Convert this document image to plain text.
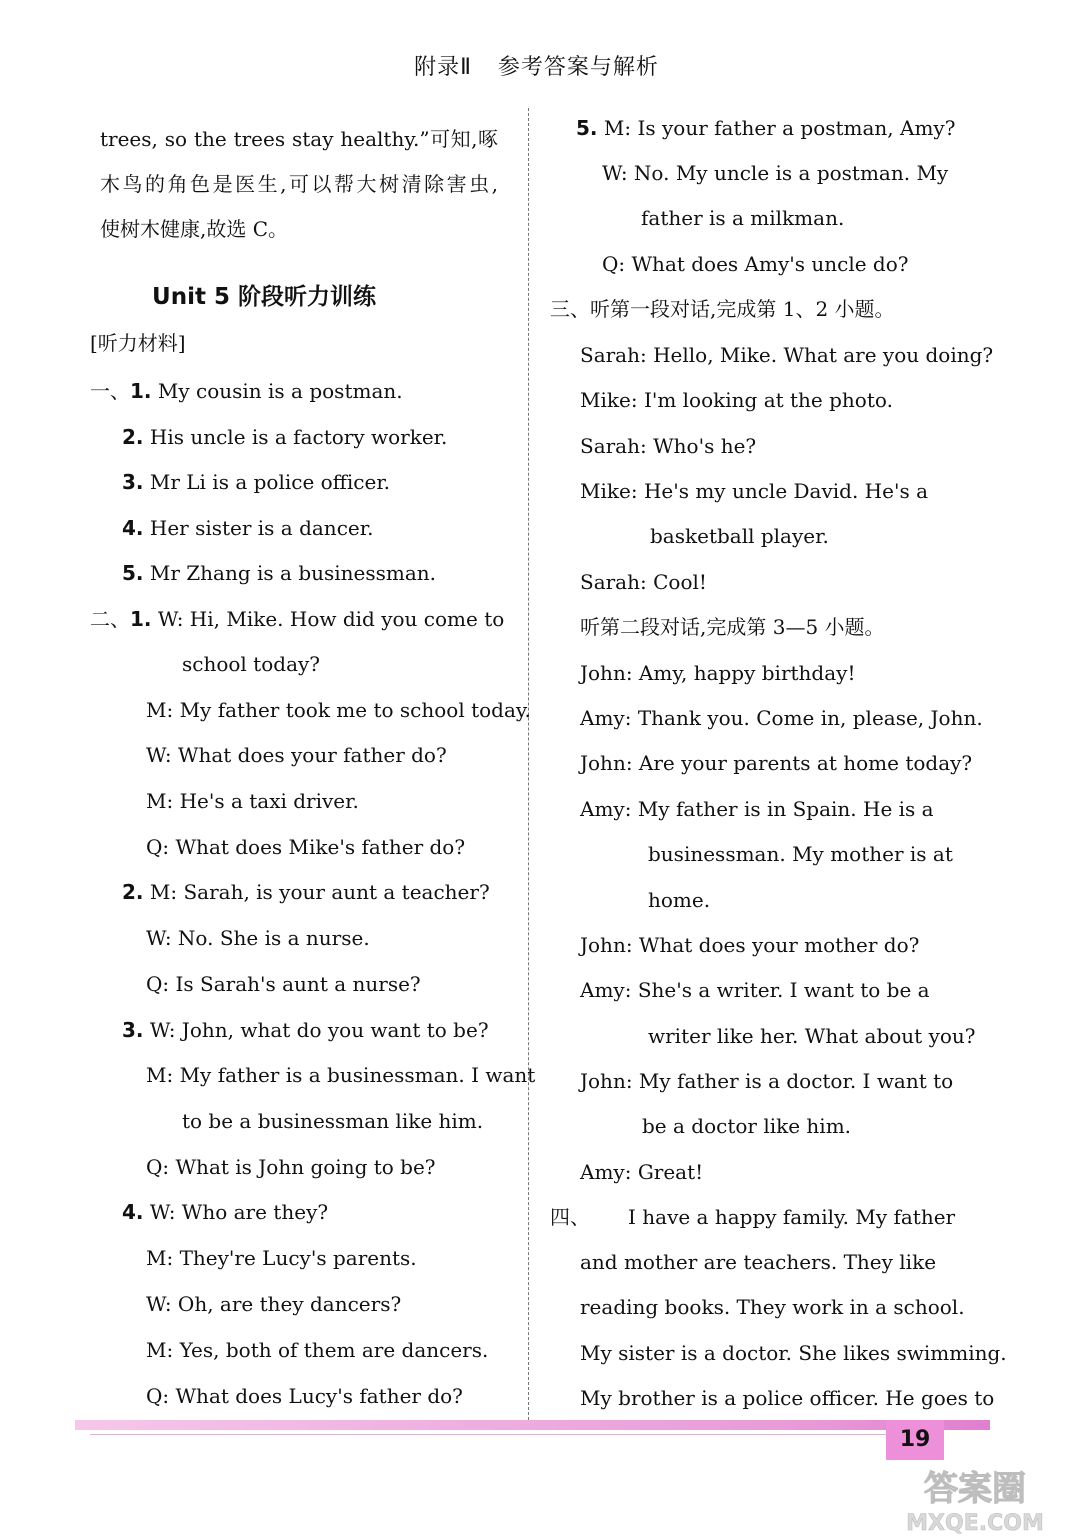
附录Ⅱ 参考答案与解析
trees, so the trees stay healthy.”可知,啄
木鸟的角色是医生,可以帮大树清除害虫,
使树木健康,故选 C。
Unit 5 阶段听力训练
[听力材料]
一、1. My cousin is a postman.
2. His uncle is a factory worker.
3. Mr Li is a police officer.
4. Her sister is a dancer.
5. Mr Zhang is a businessman.
二、1. W: Hi, Mike. How did you come to
school today?
M: My father took me to school today.
W: What does your father do?
M: He's a taxi driver.
Q: What does Mike's father do?
2. M: Sarah, is your aunt a teacher?
W: No. She is a nurse.
Q: Is Sarah's aunt a nurse?
3. W: John, what do you want to be?
M: My father is a businessman. I want
to be a businessman like him.
Q: What is John going to be?
4. W: Who are they?
M: They're Lucy's parents.
W: Oh, are they dancers?
M: Yes, both of them are dancers.
Q: What does Lucy's father do?
5. M: Is your father a postman, Amy?
W: No. My uncle is a postman. My
father is a milkman.
Q: What does Amy's uncle do?
三、听第一段对话,完成第 1、2 小题。
Sarah: Hello, Mike. What are you doing?
Mike: I'm looking at the photo.
Sarah: Who's he?
Mike: He's my uncle David. He's a
basketball player.
Sarah: Cool!
听第二段对话,完成第 3—5 小题。
John: Amy, happy birthday!
Amy: Thank you. Come in, please, John.
John: Are your parents at home today?
Amy: My father is in Spain. He is a
businessman. My mother is at
home.
John: What does your mother do?
Amy: She's a writer. I want to be a
writer like her. What about you?
John: My father is a doctor. I want to
be a doctor like him.
Amy: Great!
四、 I have a happy family. My father
and mother are teachers. They like
reading books. They work in a school.
My sister is a doctor. She likes swimming.
My brother is a police officer. He goes to
19
答案圈
MXQE.COM
